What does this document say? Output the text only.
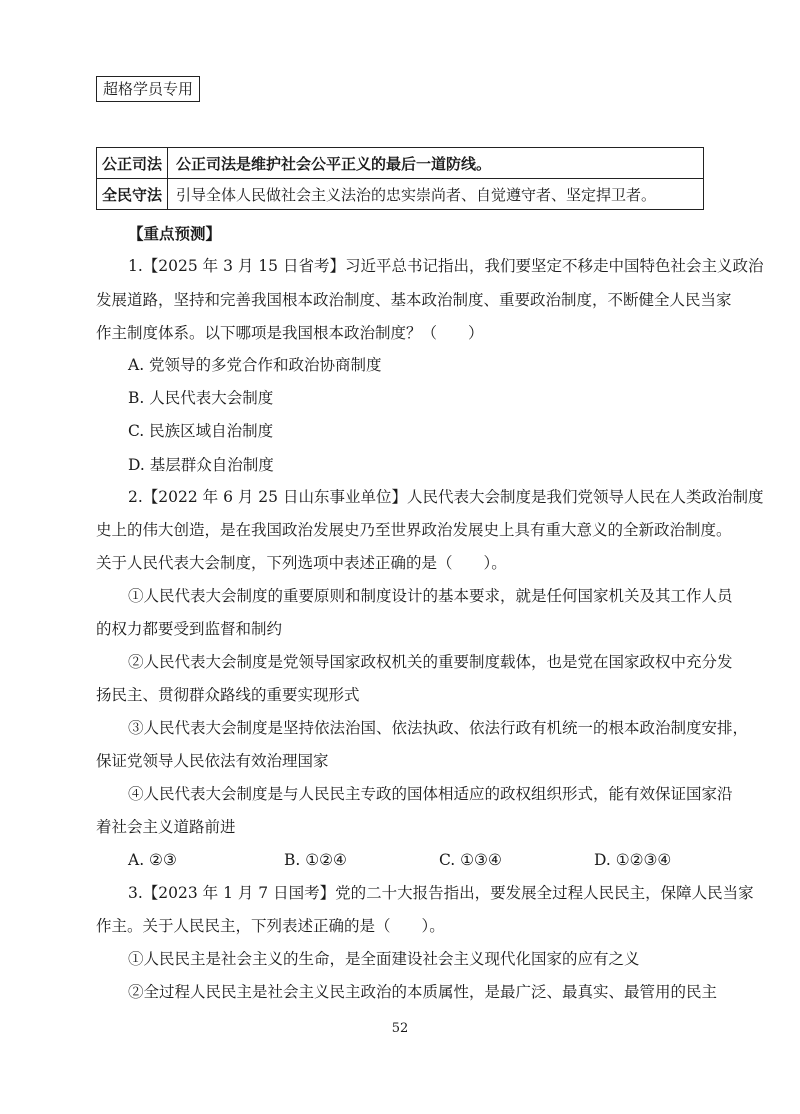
超格学员专用
公正司法	公正司法是维护社会公平正义的最后一道防线。
全民守法	引导全体人民做社会主义法治的忠实崇尚者、自觉遵守者、坚定捍卫者。
【重点预测】
1.【2025 年 3 月 15 日省考】习近平总书记指出，我们要坚定不移走中国特色社会主义政治
发展道路，坚持和完善我国根本政治制度、基本政治制度、重要政治制度，不断健全人民当家
作主制度体系。以下哪项是我国根本政治制度？（　　）
A. 党领导的多党合作和政治协商制度
B. 人民代表大会制度
C. 民族区域自治制度
D. 基层群众自治制度
2.【2022 年 6 月 25 日山东事业单位】人民代表大会制度是我们党领导人民在人类政治制度
史上的伟大创造，是在我国政治发展史乃至世界政治发展史上具有重大意义的全新政治制度。
关于人民代表大会制度，下列选项中表述正确的是（　　）。
①人民代表大会制度的重要原则和制度设计的基本要求，就是任何国家机关及其工作人员
的权力都要受到监督和制约
②人民代表大会制度是党领导国家政权机关的重要制度载体，也是党在国家政权中充分发
扬民主、贯彻群众路线的重要实现形式
③人民代表大会制度是坚持依法治国、依法执政、依法行政有机统一的根本政治制度安排，
保证党领导人民依法有效治理国家
④人民代表大会制度是与人民民主专政的国体相适应的政权组织形式，能有效保证国家沿
着社会主义道路前进
A. ②③	B. ①②④	C. ①③④	D. ①②③④
3.【2023 年 1 月 7 日国考】党的二十大报告指出，要发展全过程人民民主，保障人民当家
作主。关于人民民主，下列表述正确的是（　　）。
①人民民主是社会主义的生命，是全面建设社会主义现代化国家的应有之义
②全过程人民民主是社会主义民主政治的本质属性，是最广泛、最真实、最管用的民主
52
